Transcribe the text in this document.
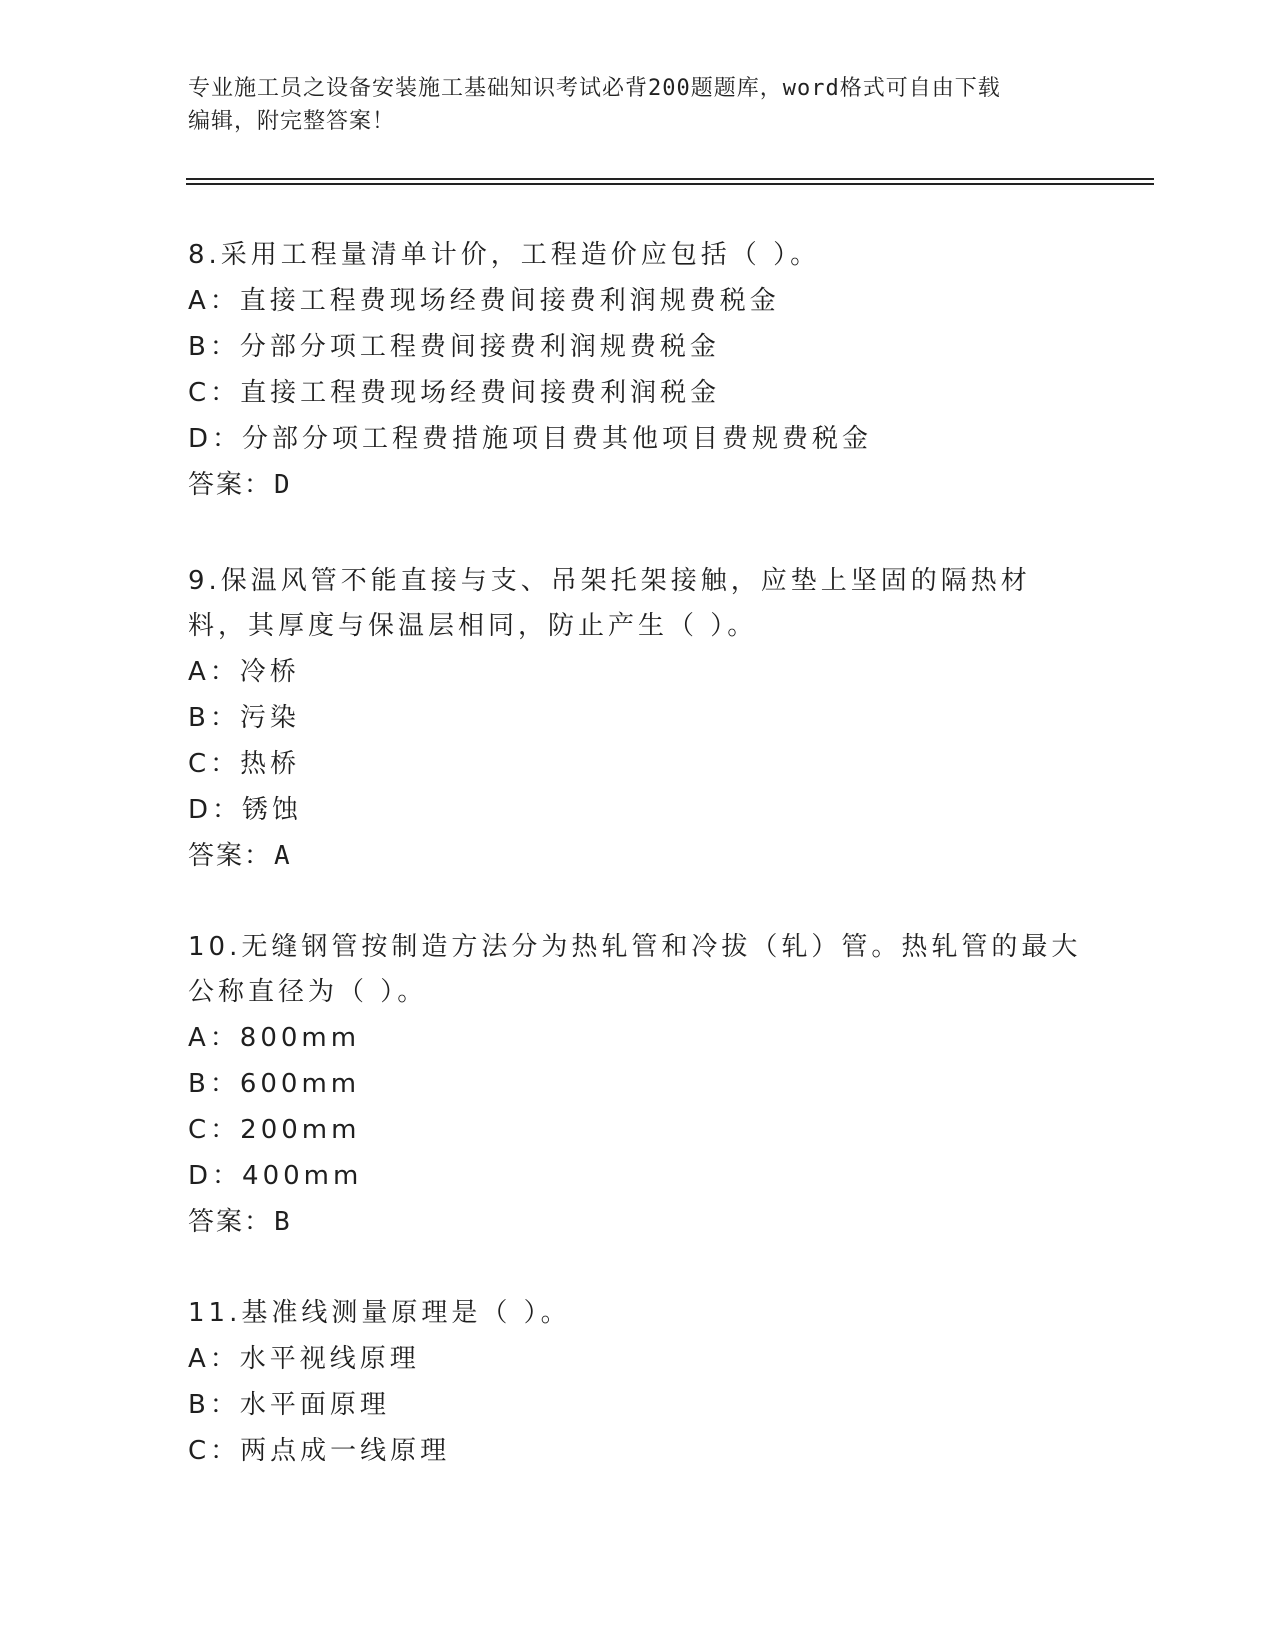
专业施工员之设备安装施工基础知识考试必背200题题库，word格式可自由下载
编辑，附完整答案！
8.采用工程量清单计价，工程造价应包括（ ）。
A：直接工程费现场经费间接费利润规费税金
B：分部分项工程费间接费利润规费税金
C：直接工程费现场经费间接费利润税金
D：分部分项工程费措施项目费其他项目费规费税金
答案：D
9.保温风管不能直接与支、吊架托架接触，应垫上坚固的隔热材料，其厚度与保温层相同，防止产生（ ）。
A：冷桥
B：污染
C：热桥
D：锈蚀
答案：A
10.无缝钢管按制造方法分为热轧管和冷拔（轧）管。热轧管的最大公称直径为（ ）。
A：800mm
B：600mm
C：200mm
D：400mm
答案：B
11.基准线测量原理是（ ）。
A：水平视线原理
B：水平面原理
C：两点成一线原理
